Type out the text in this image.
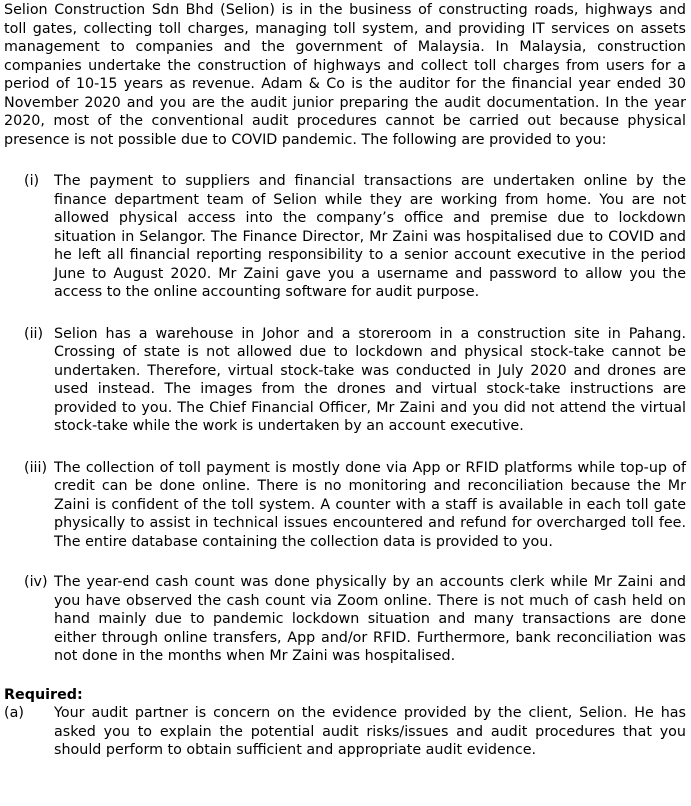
Selion Construction Sdn Bhd (Selion) is in the business of constructing roads, highways and toll gates, collecting toll charges, managing toll system, and providing IT services on assets management to companies and the government of Malaysia. In Malaysia, construction companies undertake the construction of highways and collect toll charges from users for a period of 10-15 years as revenue. Adam & Co is the auditor for the financial year ended 30 November 2020 and you are the audit junior preparing the audit documentation. In the year 2020, most of the conventional audit procedures cannot be carried out because physical presence is not possible due to COVID pandemic. The following are provided to you:

(i) The payment to suppliers and financial transactions are undertaken online by the finance department team of Selion while they are working from home. You are not allowed physical access into the company’s office and premise due to lockdown situation in Selangor. The Finance Director, Mr Zaini was hospitalised due to COVID and he left all financial reporting responsibility to a senior account executive in the period June to August 2020. Mr Zaini gave you a username and password to allow you the access to the online accounting software for audit purpose.
(ii) Selion has a warehouse in Johor and a storeroom in a construction site in Pahang. Crossing of state is not allowed due to lockdown and physical stock-take cannot be undertaken. Therefore, virtual stock-take was conducted in July 2020 and drones are used instead. The images from the drones and virtual stock-take instructions are provided to you. The Chief Financial Officer, Mr Zaini and you did not attend the virtual stock-take while the work is undertaken by an account executive.
(iii) The collection of toll payment is mostly done via App or RFID platforms while top-up of credit can be done online. There is no monitoring and reconciliation because the Mr Zaini is confident of the toll system. A counter with a staff is available in each toll gate physically to assist in technical issues encountered and refund for overcharged toll fee. The entire database containing the collection data is provided to you.
(iv) The year-end cash count was done physically by an accounts clerk while Mr Zaini and you have observed the cash count via Zoom online. There is not much of cash held on hand mainly due to pandemic lockdown situation and many transactions are done either through online transfers, App and/or RFID. Furthermore, bank reconciliation was not done in the months when Mr Zaini was hospitalised.
Required:
(a) Your audit partner is concern on the evidence provided by the client, Selion. He has asked you to explain the potential audit risks/issues and audit procedures that you should perform to obtain sufficient and appropriate audit evidence.
